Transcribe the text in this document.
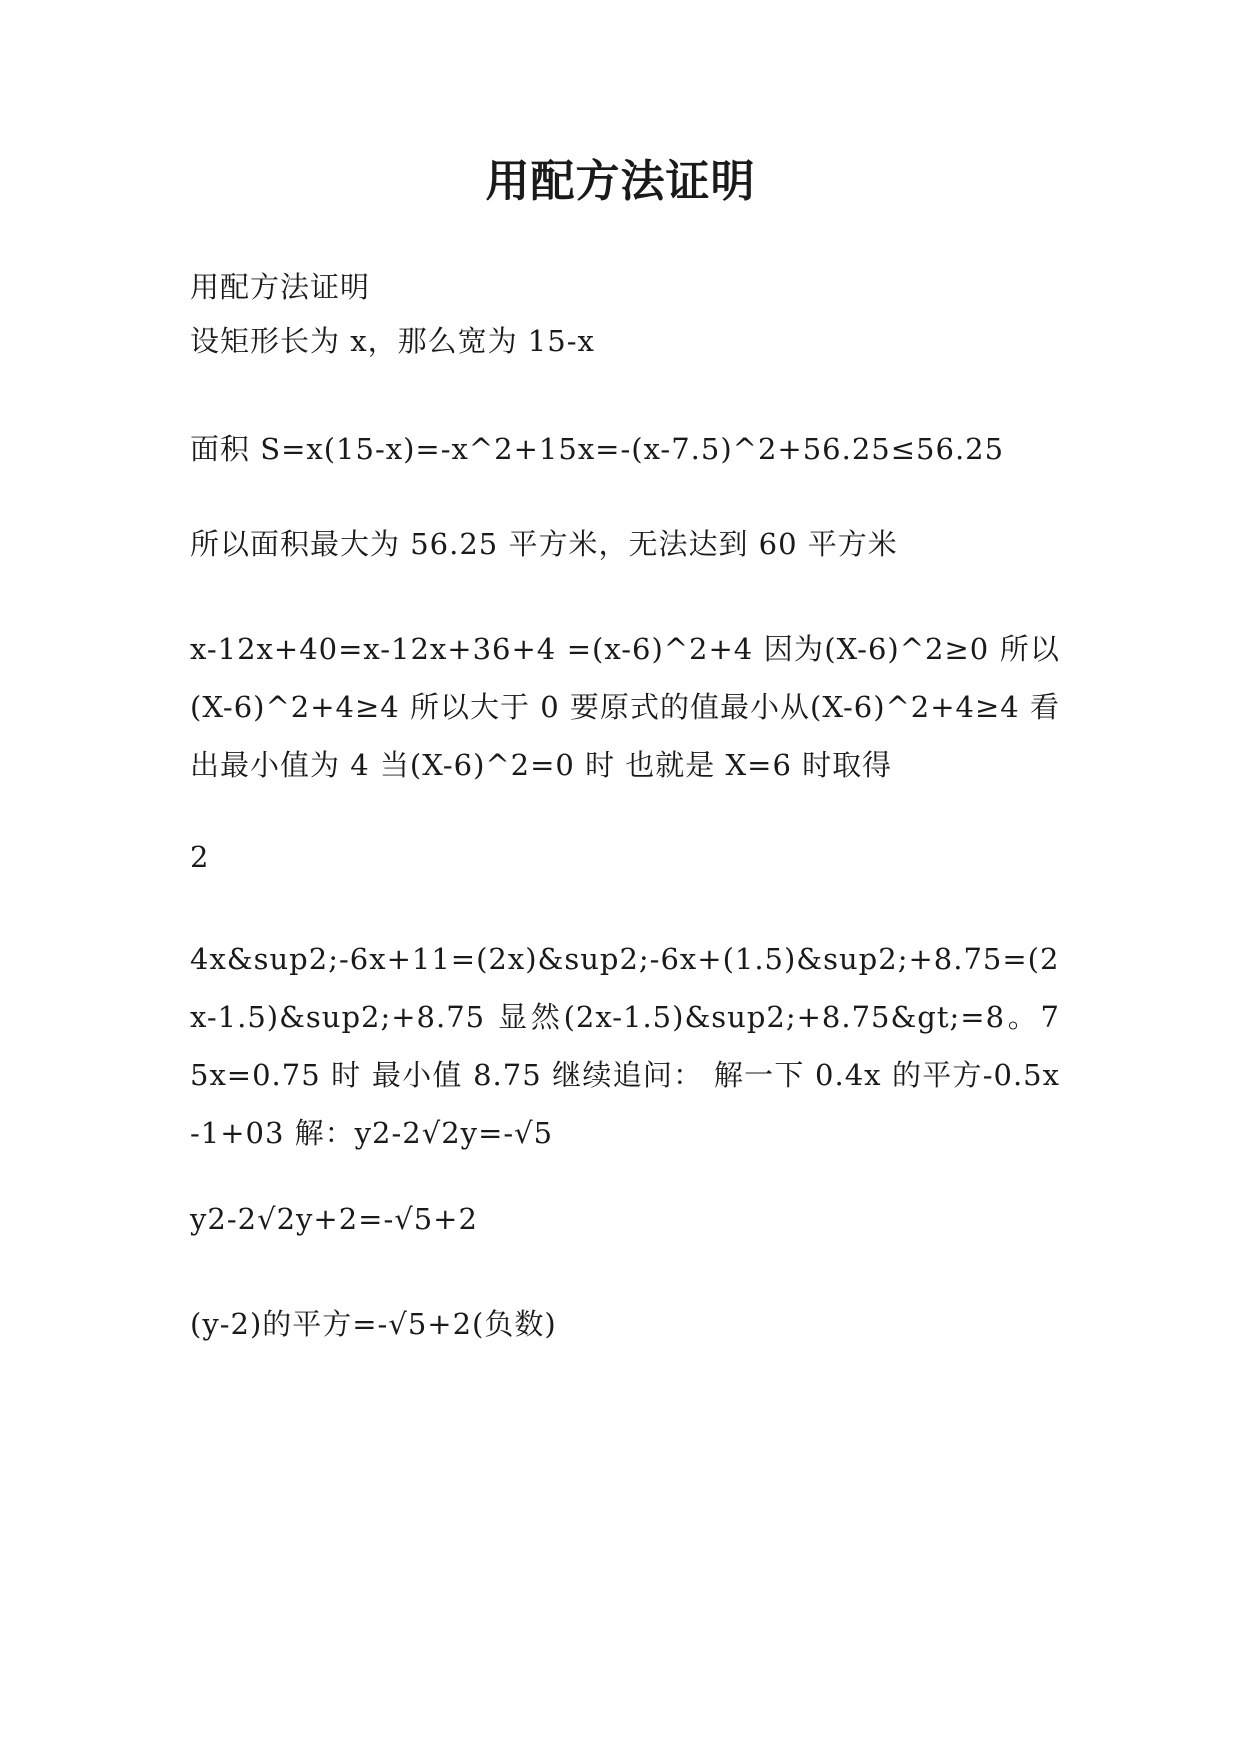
用配方法证明

用配方法证明

设矩形长为 x，那么宽为 15-x

面积 S=x(15-x)=-x^2+15x=-(x-7.5)^2+56.25≤56.25

所以面积最大为 56.25 平方米，无法达到 60 平方米

x-12x+40=x-12x+36+4 =(x-6)^2+4 因为(X-6)^2≥0 所以(X-6)^2+4≥4 所以大于 0 要原式的值最小从(X-6)^2+4≥4 看出最小值为 4 当(X-6)^2=0 时 也就是 X=6 时取得

2

4x&sup2;-6x+11=(2x)&sup2;-6x+(1.5)&sup2;+8.75=(2x-1.5)&sup2;+8.75 显然(2x-1.5)&sup2;+8.75&gt;=8。75x=0.75 时 最小值 8.75 继续追问： 解一下 0.4x 的平方-0.5x-1+03 解：y2-2√2y=-√5

y2-2√2y+2=-√5+2

(y-2)的平方=-√5+2(负数)
